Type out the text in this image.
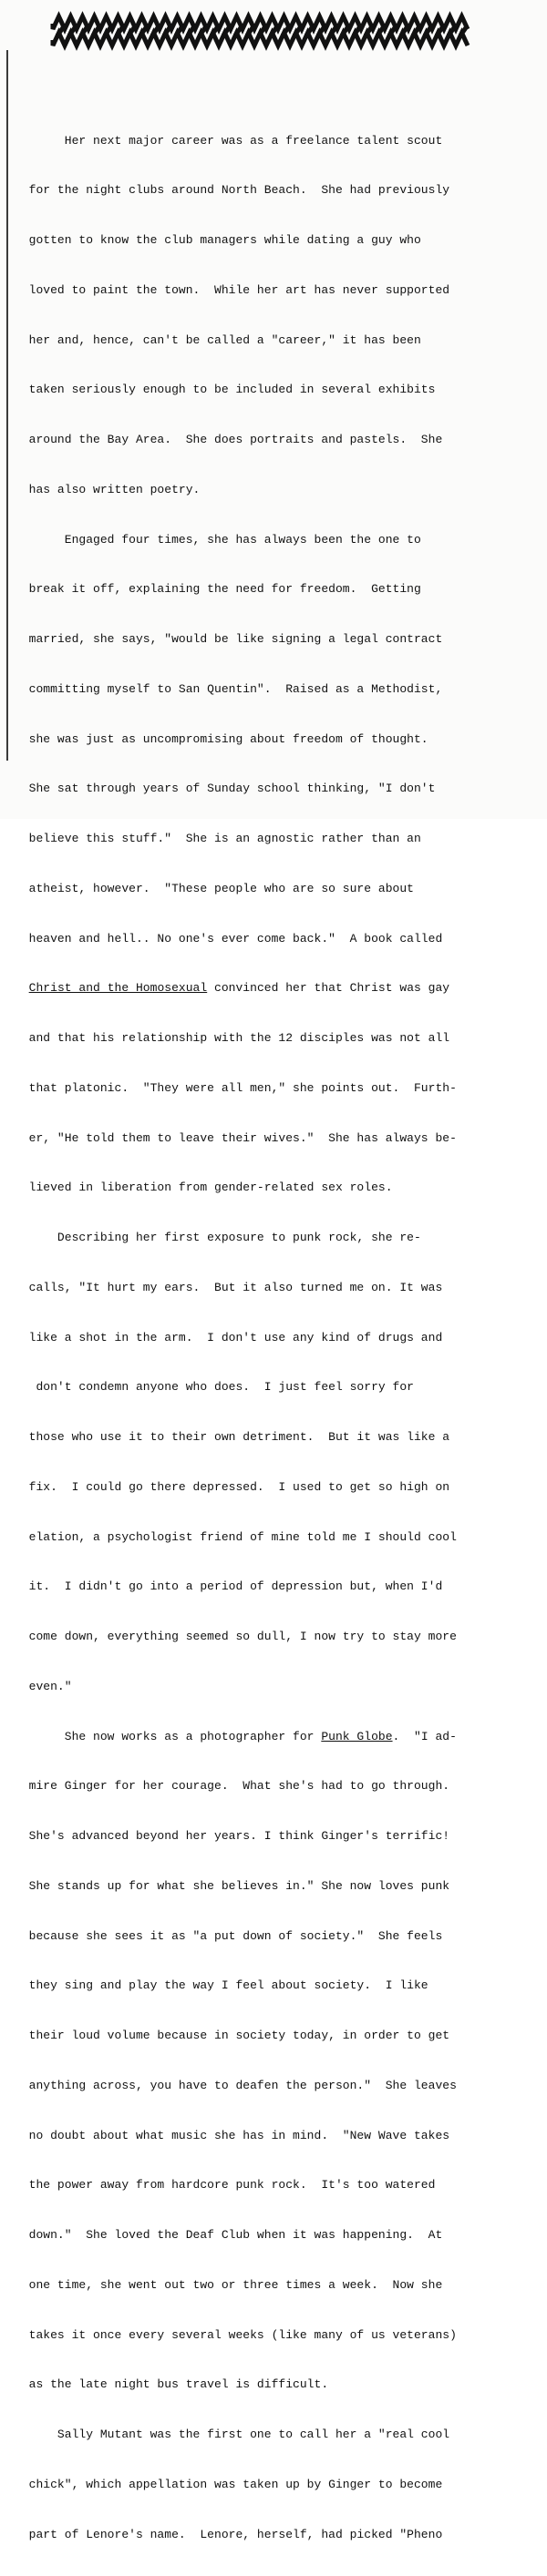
Her next major career was as a freelance talent scout

for the night clubs around North Beach.  She had previously

gotten to know the club managers while dating a guy who

loved to paint the town.  While her art has never supported

her and, hence, can't be called a "career," it has been

taken seriously enough to be included in several exhibits

around the Bay Area.  She does portraits and pastels.  She

has also written poetry.

Engaged four times, she has always been the one to

break it off, explaining the need for freedom.  Getting

married, she says, "would be like signing a legal contract

committing myself to San Quentin".  Raised as a Methodist,

she was just as uncompromising about freedom of thought.

She sat through years of Sunday school thinking, "I don't

believe this stuff."  She is an agnostic rather than an

atheist, however.  "These people who are so sure about

heaven and hell.. No one's ever come back."  A book called

Christ and the Homosexual convinced her that Christ was gay

and that his relationship with the 12 disciples was not all

that platonic.  "They were all men," she points out.  Furth-

er, "He told them to leave their wives."  She has always be-

lieved in liberation from gender-related sex roles.

Describing her first exposure to punk rock, she re-

calls, "It hurt my ears.  But it also turned me on. It was

like a shot in the arm.  I don't use any kind of drugs and

don't condemn anyone who does.  I just feel sorry for

those who use it to their own detriment.  But it was like a

fix.  I could go there depressed.  I used to get so high on

elation, a psychologist friend of mine told me I should cool

it.  I didn't go into a period of depression but, when I'd

come down, everything seemed so dull, I now try to stay more

even."

She now works as a photographer for Punk Globe.  "I ad-

mire Ginger for her courage.  What she's had to go through.

She's advanced beyond her years. I think Ginger's terrific!

She stands up for what she believes in." She now loves punk

because she sees it as "a put down of society."  She feels

they sing and play the way I feel about society.  I like

their loud volume because in society today, in order to get

anything across, you have to deafen the person."  She leaves

no doubt about what music she has in mind.  "New Wave takes

the power away from hardcore punk rock.  It's too watered

down."  She loved the Deaf Club when it was happening.  At

one time, she went out two or three times a week.  Now she

takes it once every several weeks (like many of us veterans)

as the late night bus travel is difficult.

Sally Mutant was the first one to call her a "real cool

chick", which appellation was taken up by Ginger to become

part of Lenore's name.  Lenore, herself, had picked "Pheno
